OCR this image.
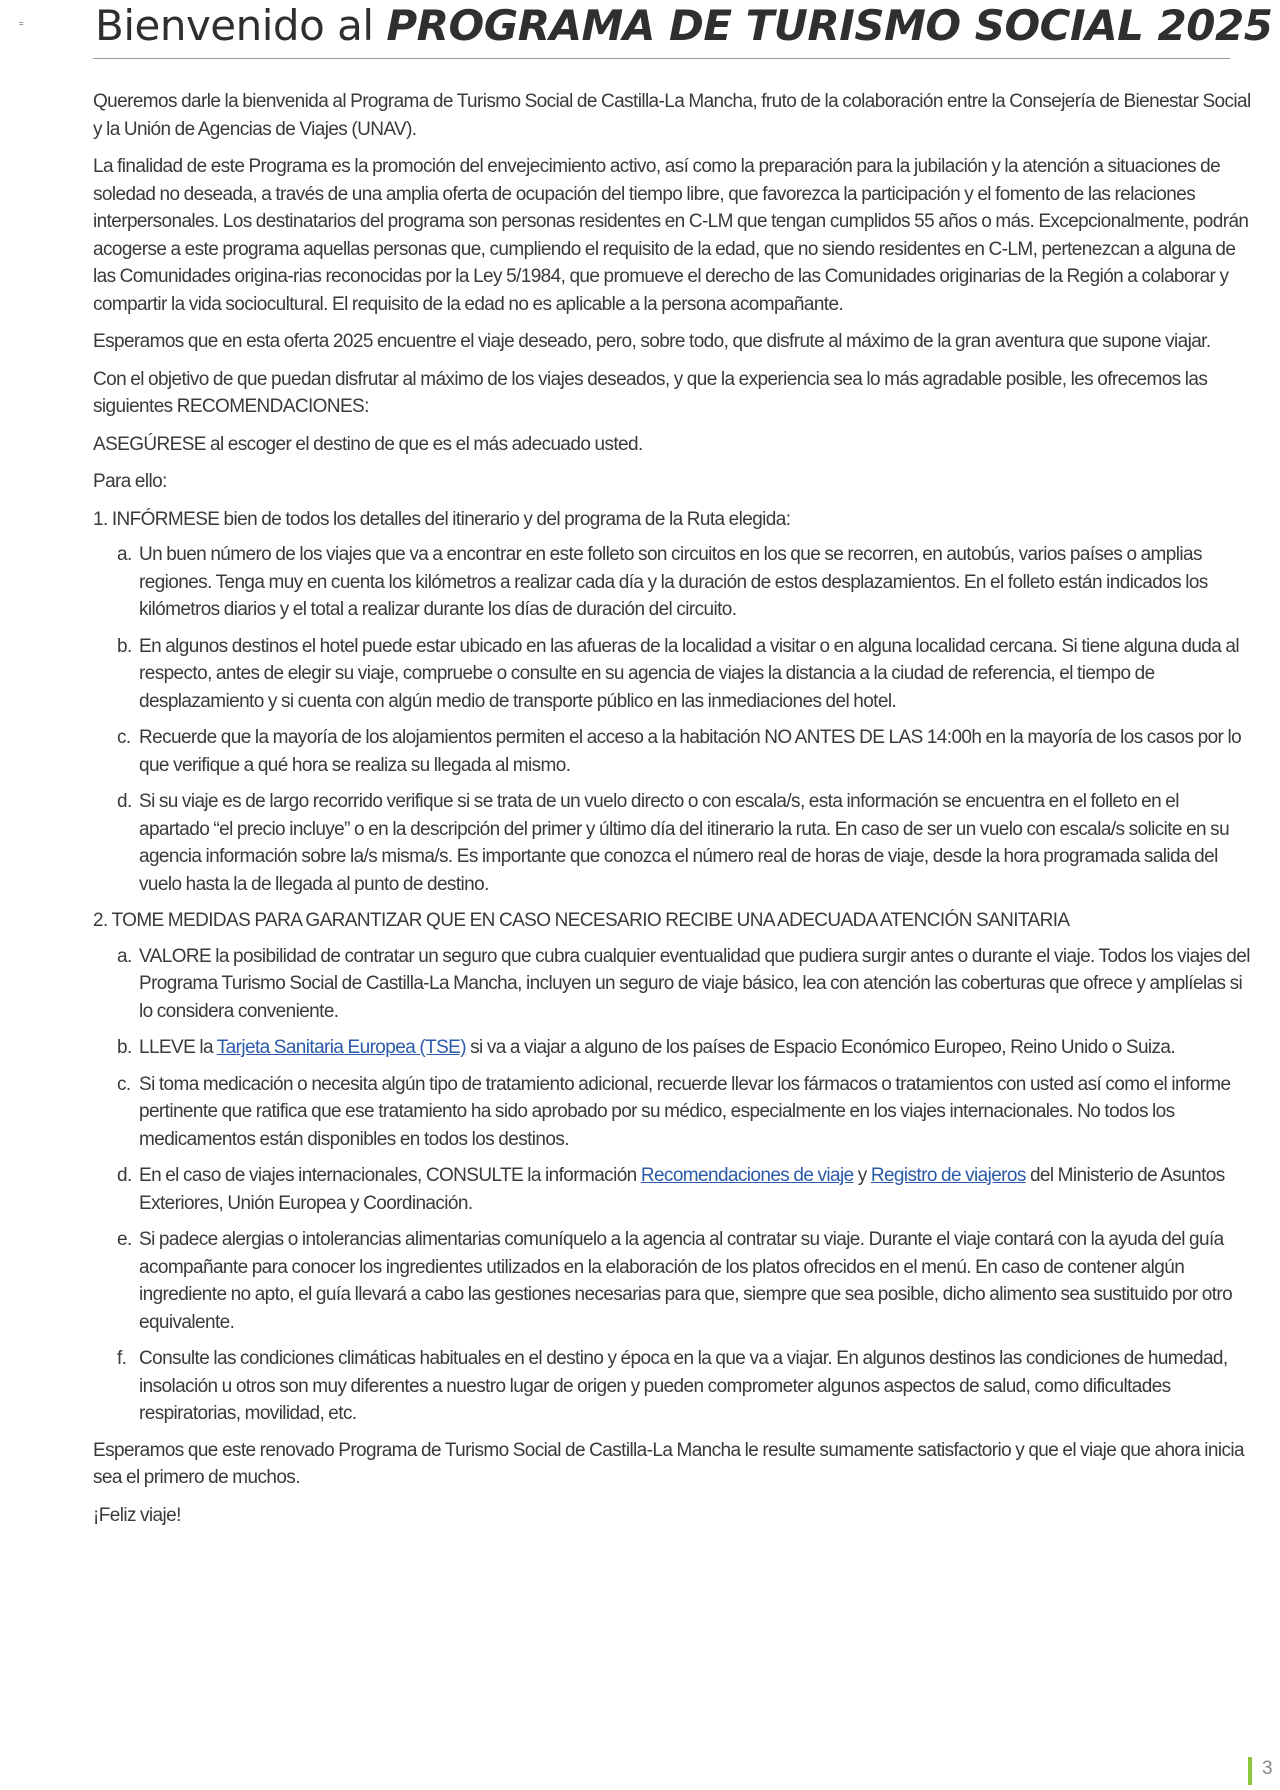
= Bienvenido al PROGRAMA DE TURISMO SOCIAL 2025

Queremos darle la bienvenida al Programa de Turismo Social de Castilla-La Mancha, fruto de la colaboración entre la Consejería de Bienestar Social y la Unión de Agencias de Viajes (UNAV).

La finalidad de este Programa es la promoción del envejecimiento activo, así como la preparación para la jubilación y la atención a situaciones de soledad no deseada, a través de una amplia oferta de ocupación del tiempo libre, que favorezca la participación y el fomento de las relaciones interpersonales. Los destinatarios del programa son personas residentes en C-LM que tengan cumplidos 55 años o más. Excepcionalmente, podrán acogerse a este programa aquellas personas que, cumpliendo el requisito de la edad, que no siendo residentes en C-LM, pertenezcan a alguna de las Comunidades origina-rias reconocidas por la Ley 5/1984, que promueve el derecho de las Comunidades originarias de la Región a colaborar y compartir la vida sociocultural. El requisito de la edad no es aplicable a la persona acompañante.

Esperamos que en esta oferta 2025 encuentre el viaje deseado, pero, sobre todo, que disfrute al máximo de la gran aventura que supone viajar.

Con el objetivo de que puedan disfrutar al máximo de los viajes deseados, y que la experiencia sea lo más agradable posible, les ofrecemos las siguientes RECOMENDACIONES:

ASEGÚRESE al escoger el destino de que es el más adecuado usted.

Para ello:

1. INFÓRMESE bien de todos los detalles del itinerario y del programa de la Ruta elegida:
a. Un buen número de los viajes que va a encontrar en este folleto son circuitos en los que se recorren, en autobús, varios países o amplias regiones. Tenga muy en cuenta los kilómetros a realizar cada día y la duración de estos desplazamientos. En el folleto están indicados los kilómetros diarios y el total a realizar durante los días de duración del circuito.
b. En algunos destinos el hotel puede estar ubicado en las afueras de la localidad a visitar o en alguna localidad cercana. Si tiene alguna duda al respecto, antes de elegir su viaje, compruebe o consulte en su agencia de viajes la distancia a la ciudad de referencia, el tiempo de desplazamiento y si cuenta con algún medio de transporte público en las inmediaciones del hotel.
c. Recuerde que la mayoría de los alojamientos permiten el acceso a la habitación NO ANTES DE LAS 14:00h en la mayoría de los casos por lo que verifique a qué hora se realiza su llegada al mismo.
d. Si su viaje es de largo recorrido verifique si se trata de un vuelo directo o con escala/s, esta información se encuentra en el folleto en el apartado “el precio incluye” o en la descripción del primer y último día del itinerario la ruta. En caso de ser un vuelo con escala/s solicite en su agencia información sobre la/s misma/s. Es importante que conozca el número real de horas de viaje, desde la hora programada salida del vuelo hasta la de llegada al punto de destino.
2. TOME MEDIDAS PARA GARANTIZAR QUE EN CASO NECESARIO RECIBE UNA ADECUADA ATENCIÓN SANITARIA
a. VALORE la posibilidad de contratar un seguro que cubra cualquier eventualidad que pudiera surgir antes o durante el viaje. Todos los viajes del Programa Turismo Social de Castilla-La Mancha, incluyen un seguro de viaje básico, lea con atención las coberturas que ofrece y amplíelas si lo considera conveniente.
b. LLEVE la Tarjeta Sanitaria Europea (TSE) si va a viajar a alguno de los países de Espacio Económico Europeo, Reino Unido o Suiza.
c. Si toma medicación o necesita algún tipo de tratamiento adicional, recuerde llevar los fármacos o tratamientos con usted así como el informe pertinente que ratifica que ese tratamiento ha sido aprobado por su médico, especialmente en los viajes internacionales. No todos los medicamentos están disponibles en todos los destinos.
d. En el caso de viajes internacionales, CONSULTE la información Recomendaciones de viaje y Registro de viajeros del Ministerio de Asuntos Exteriores, Unión Europea y Coordinación.
e. Si padece alergias o intolerancias alimentarias comuníquelo a la agencia al contratar su viaje. Durante el viaje contará con la ayuda del guía acompañante para conocer los ingredientes utilizados en la elaboración de los platos ofrecidos en el menú. En caso de contener algún ingrediente no apto, el guía llevará a cabo las gestiones necesarias para que, siempre que sea posible, dicho alimento sea sustituido por otro equivalente.
f. Consulte las condiciones climáticas habituales en el destino y época en la que va a viajar. En algunos destinos las condiciones de humedad, insolación u otros son muy diferentes a nuestro lugar de origen y pueden comprometer algunos aspectos de salud, como dificultades respiratorias, movilidad, etc.

Esperamos que este renovado Programa de Turismo Social de Castilla-La Mancha le resulte sumamente satisfactorio y que el viaje que ahora inicia sea el primero de muchos.

¡Feliz viaje!

3
